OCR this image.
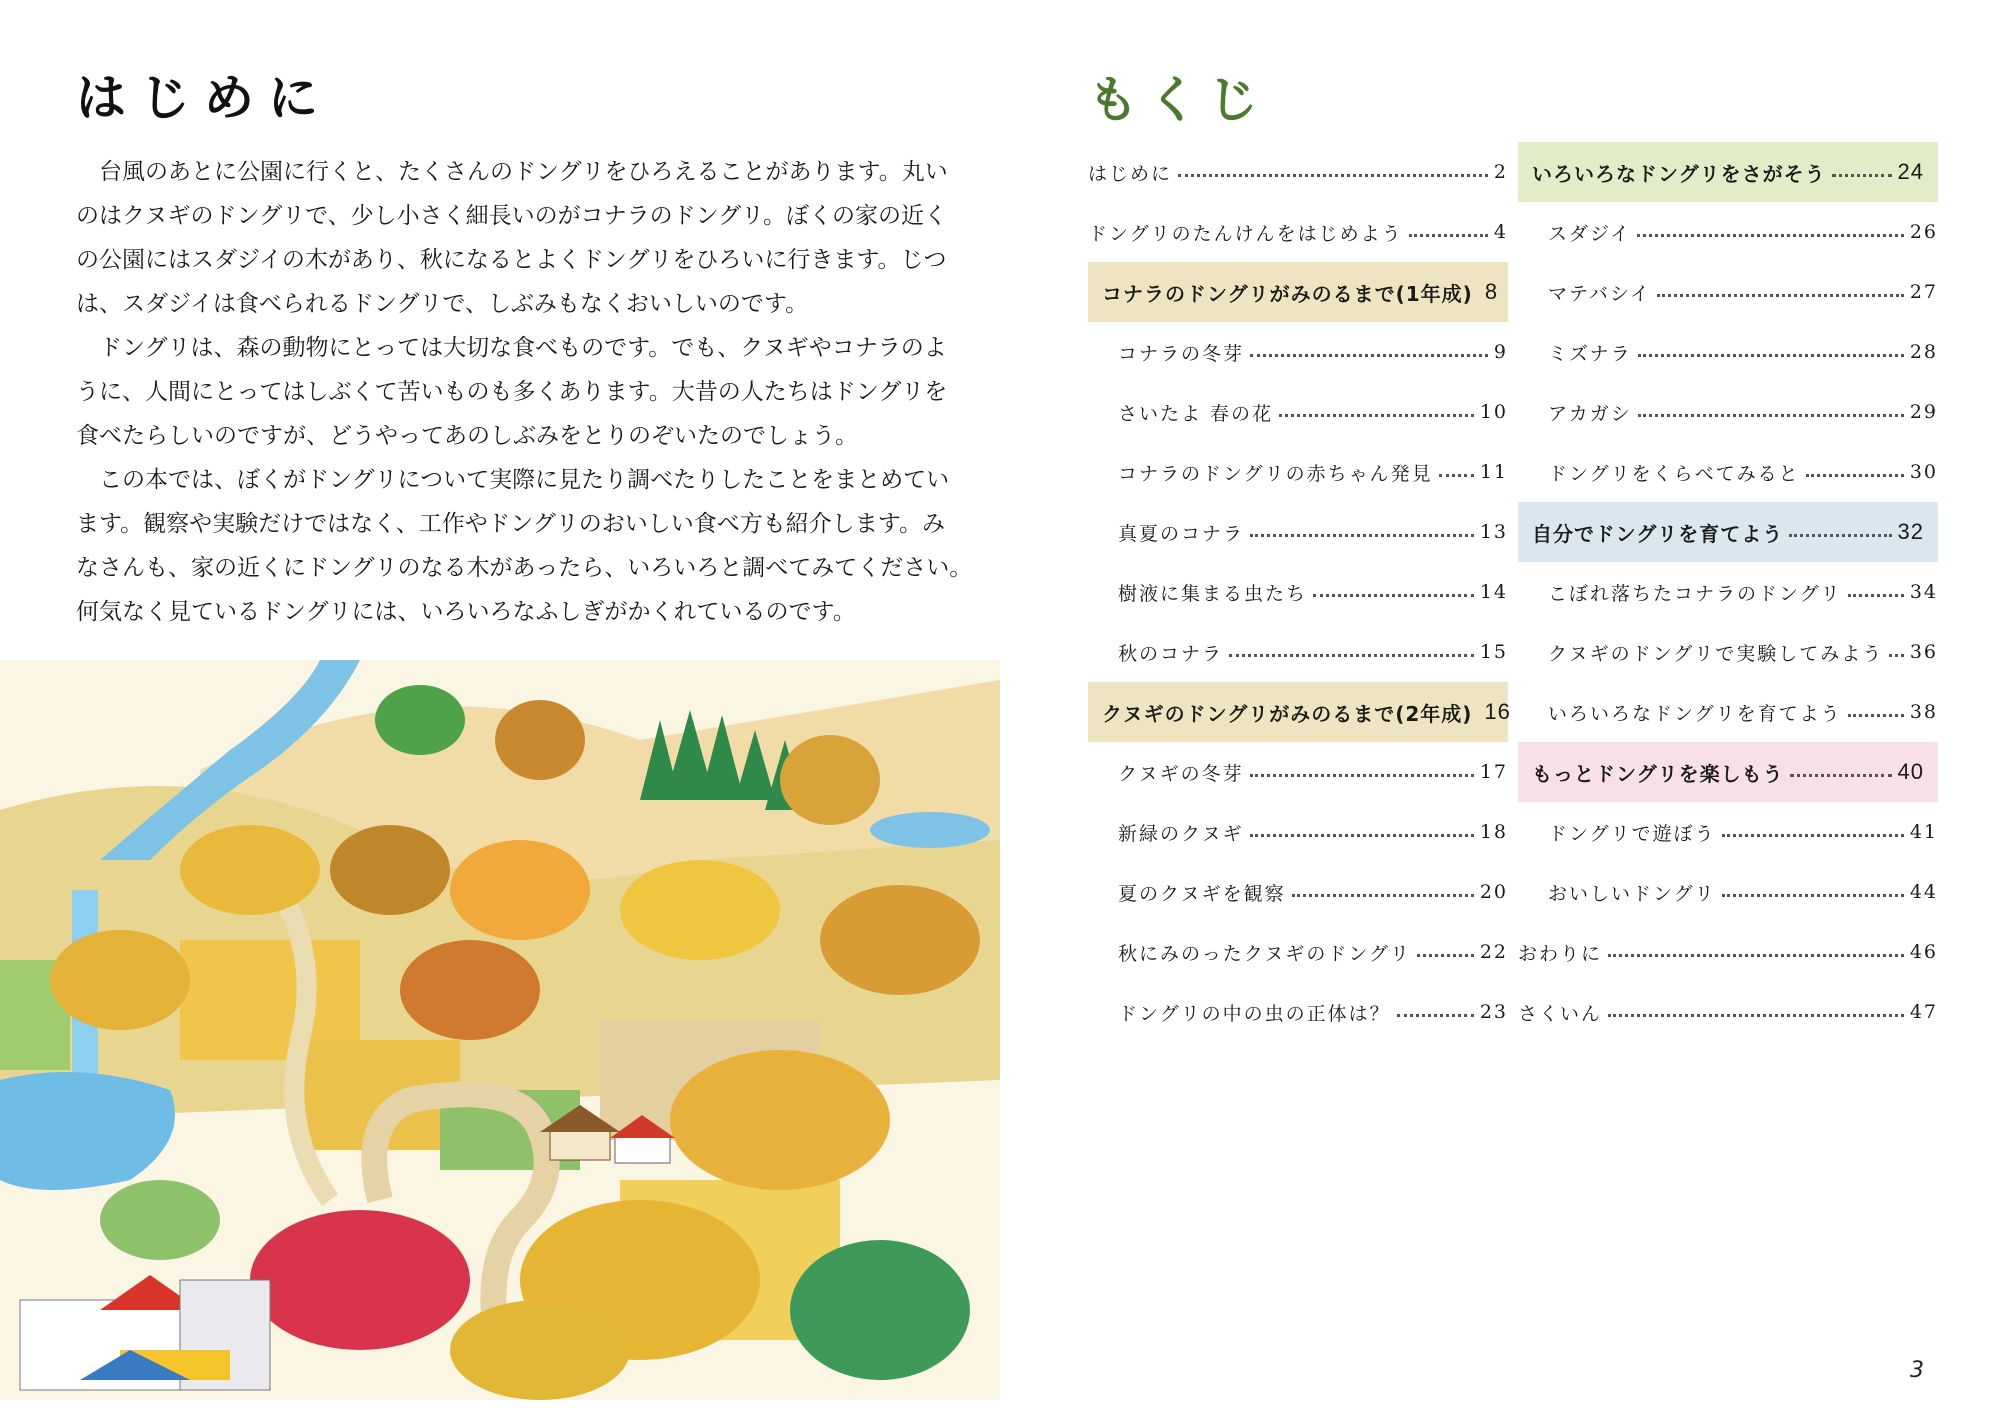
はじめに
台風のあとに公園に行くと、たくさんのドングリをひろえることがあります。丸い
のはクヌギのドングリで、少し小さく細長いのがコナラのドングリ。ぼくの家の近く
の公園にはスダジイの木があり、秋になるとよくドングリをひろいに行きます。じつ
は、スダジイは食べられるドングリで、しぶみもなくおいしいのです。
ドングリは、森の動物にとっては大切な食べものです。でも、クヌギやコナラのよ
うに、人間にとってはしぶくて苦いものも多くあります。大昔の人たちはドングリを
食べたらしいのですが、どうやってあのしぶみをとりのぞいたのでしょう。
この本では、ぼくがドングリについて実際に見たり調べたりしたことをまとめてい
ます。観察や実験だけではなく、工作やドングリのおいしい食べ方も紹介します。み
なさんも、家の近くにドングリのなる木があったら、いろいろと調べてみてください。
何気なく見ているドングリには、いろいろなふしぎがかくれているのです。
もくじ
はじめに	2
ドングリのたんけんをはじめよう	4
コナラのドングリがみのるまで(1年成) 8
コナラの冬芽	9
さいたよ 春の花	10
コナラのドングリの赤ちゃん発見 11
真夏のコナラ	13
樹液に集まる虫たち	14
秋のコナラ	15
クヌギのドングリがみのるまで(2年成) 16
クヌギの冬芽	17
新緑のクヌギ	18
夏のクヌギを観察	20
秋にみのったクヌギのドングリ	22
ドングリの中の虫の正体は？	23
いろいろなドングリをさがそう	24
スダジイ	26
マテバシイ	27
ミズナラ	28
アカガシ	29
ドングリをくらべてみると	30
自分でドングリを育てよう	32
こぼれ落ちたコナラのドングリ	34
クヌギのドングリで実験してみよう 36
いろいろなドングリを育てよう	38
もっとドングリを楽しもう	40
ドングリで遊ぼう	41
おいしいドングリ	44
おわりに	46
さくいん	47
3
